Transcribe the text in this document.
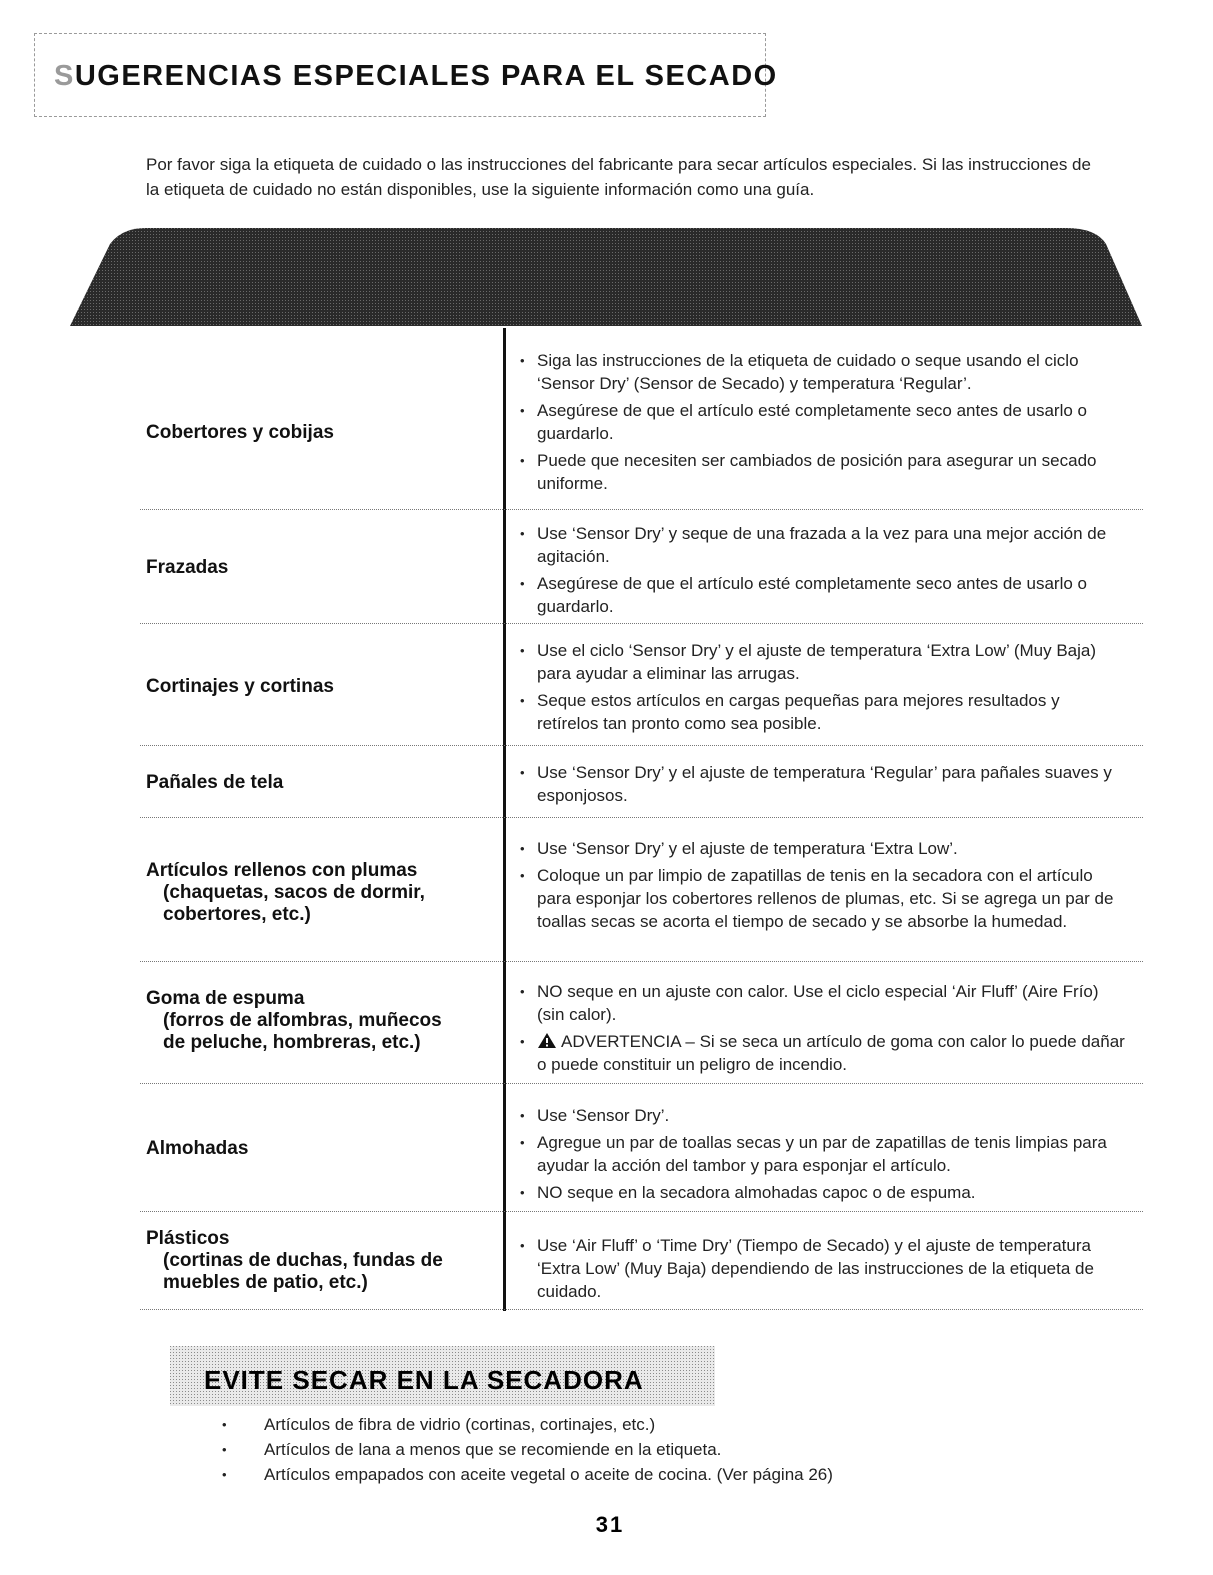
SUGERENCIAS ESPECIALES PARA EL SECADO
Por favor siga la etiqueta de cuidado o las instrucciones del fabricante para secar artículos especiales. Si las instrucciones de la etiqueta de cuidado no están disponibles, use la siguiente información como una guía.
Cobertores y cobijas
• Siga las instrucciones de la etiqueta de cuidado o seque usando el ciclo ‘Sensor Dry’ (Sensor de Secado) y temperatura ‘Regular’.
• Asegúrese de que el artículo esté completamente seco antes de usarlo o guardarlo.
• Puede que necesiten ser cambiados de posición para asegurar un secado uniforme.
Frazadas
• Use ‘Sensor Dry’ y seque de una frazada a la vez para una mejor acción de agitación.
• Asegúrese de que el artículo esté completamente seco antes de usarlo o guardarlo.
Cortinajes y cortinas
• Use el ciclo ‘Sensor Dry’ y el ajuste de temperatura ‘Extra Low’ (Muy Baja) para ayudar a eliminar las arrugas.
• Seque estos artículos en cargas pequeñas para mejores resultados y retírelos tan pronto como sea posible.
Pañales de tela
•	Use ‘Sensor Dry’ y el ajuste de temperatura ‘Regular’ para pañales suaves y esponjosos.
Artículos rellenos con plumas
(chaquetas, sacos de dormir,
cobertores, etc.)
• Use ‘Sensor Dry’ y el ajuste de temperatura ‘Extra Low’.
• Coloque un par limpio de zapatillas de tenis en la secadora con el artículo para esponjar los cobertores rellenos de plumas, etc. Si se agrega un par de toallas secas se acorta el tiempo de secado y se absorbe la humedad.
Goma de espuma
(forros de alfombras, muñecos
de peluche, hombreras, etc.)
• NO seque en un ajuste con calor. Use el ciclo especial ‘Air Fluff’ (Aire Frío) (sin calor).
• ADVERTENCIA – Si se seca un artículo de goma con calor lo puede dañar o puede constituir un peligro de incendio.
Almohadas
• Use ‘Sensor Dry’.
• Agregue un par de toallas secas y un par de zapatillas de tenis limpias para ayudar la acción del tambor y para esponjar el artículo.
• NO seque en la secadora almohadas capoc o de espuma.
Plásticos
(cortinas de duchas, fundas de
muebles de patio, etc.)
• Use ‘Air Fluff’ o ‘Time Dry’ (Tiempo de Secado) y el ajuste de temperatura ‘Extra Low’ (Muy Baja) dependiendo de las instrucciones de la etiqueta de cuidado.
EVITE SECAR EN LA SECADORA
• Artículos de fibra de vidrio (cortinas, cortinajes, etc.)
• Artículos de lana a menos que se recomiende en la etiqueta.
• Artículos empapados con aceite vegetal o aceite de cocina. (Ver página 26)
31
